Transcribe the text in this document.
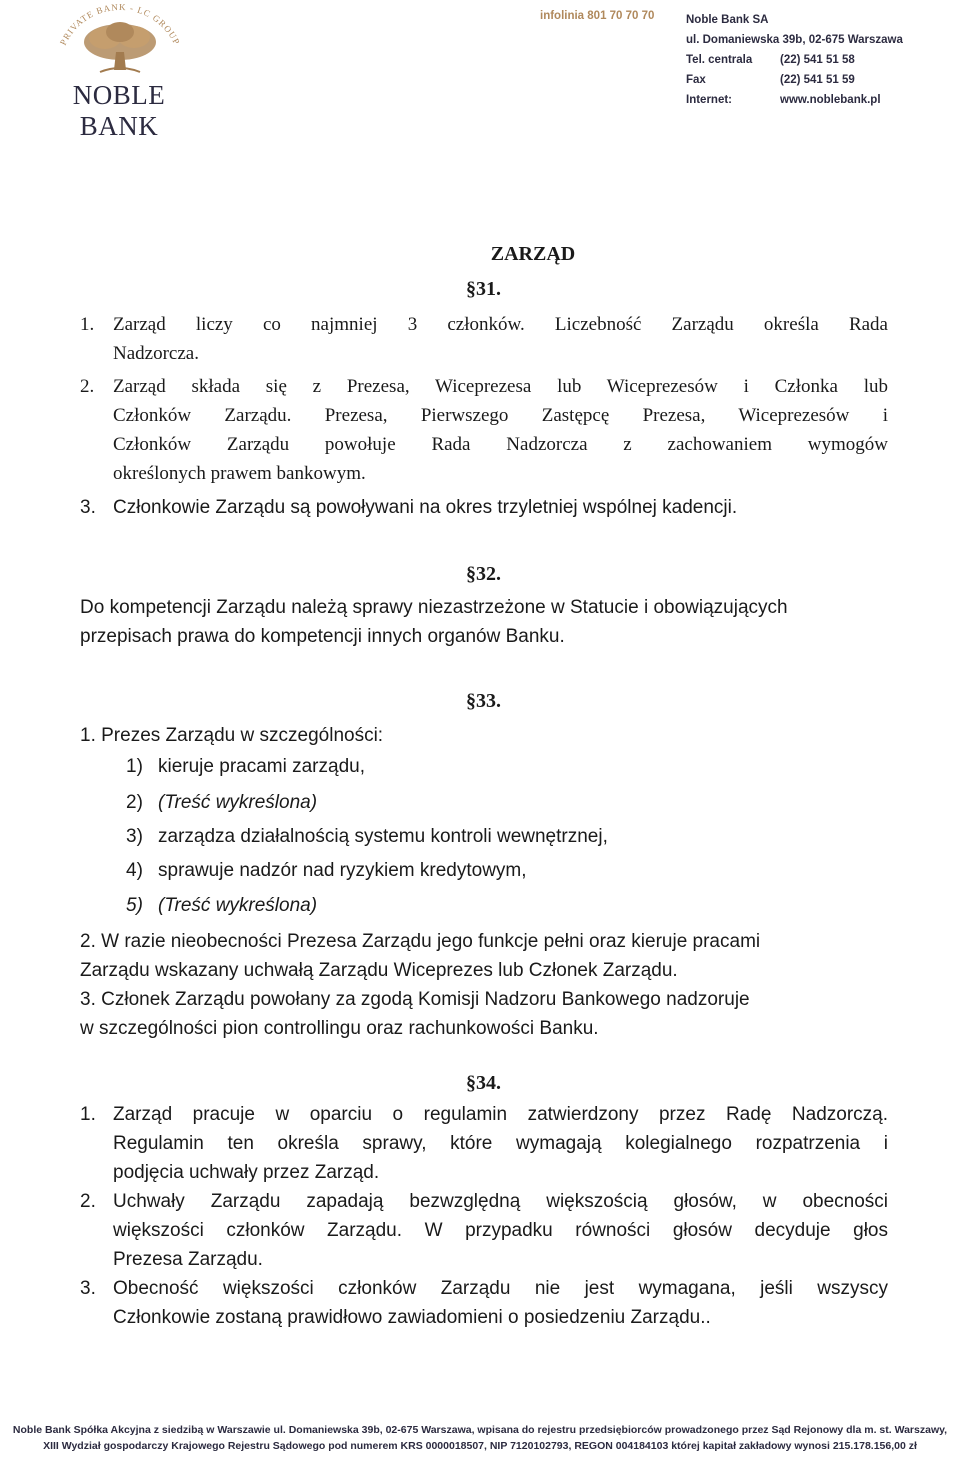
PRIVATE BANK - LC GROUP
NOBLE BANK
infolinia 801 70 70 70	Noble Bank SA
ul. Domaniewska 39b, 02-675 Warszawa
Tel. centrala (22) 541 51 58
Fax	(22) 541 51 59
Internet:	www.noblebank.pl
ZARZĄD
§31.
1. Zarząd liczy co najmniej 3 członków. Liczebność Zarządu określa Rada
Nadzorcza.
2. Zarząd składa się z Prezesa, Wiceprezesa lub Wiceprezesów i Członka lub
Członków Zarządu. Prezesa, Pierwszego Zastępcę Prezesa, Wiceprezesów i
Członków Zarządu powołuje Rada Nadzorcza z zachowaniem wymogów
określonych prawem bankowym.
3. Członkowie Zarządu są powoływani na okres trzyletniej wspólnej kadencji.
§32.
Do kompetencji Zarządu należą sprawy niezastrzeżone w Statucie i obowiązujących
przepisach prawa do kompetencji innych organów Banku.
§33.
1. Prezes Zarządu w szczególności:
1) kieruje pracami zarządu,
2) (Treść wykreślona)
3) zarządza działalnością systemu kontroli wewnętrznej,
4) sprawuje nadzór nad ryzykiem kredytowym,
5) (Treść wykreślona)
2. W razie nieobecności Prezesa Zarządu jego funkcje pełni oraz kieruje pracami
Zarządu wskazany uchwałą Zarządu Wiceprezes lub Członek Zarządu.
3. Członek Zarządu powołany za zgodą Komisji Nadzoru Bankowego nadzoruje
w szczególności pion controllingu oraz rachunkowości Banku.
§34.
1. Zarząd pracuje w oparciu o regulamin zatwierdzony przez Radę Nadzorczą.
Regulamin ten określa sprawy, które wymagają kolegialnego rozpatrzenia i
podjęcia uchwały przez Zarząd.
2. Uchwały Zarządu zapadają bezwzględną większością głosów, w obecności
większości członków Zarządu. W przypadku równości głosów decyduje głos
Prezesa Zarządu.
3. Obecność większości członków Zarządu nie jest wymagana, jeśli wszyscy
Członkowie zostaną prawidłowo zawiadomieni o posiedzeniu Zarządu..
Noble Bank Spółka Akcyjna z siedzibą w Warszawie ul. Domaniewska 39b, 02-675 Warszawa, wpisana do rejestru przedsiębiorców prowadzonego przez Sąd Rejonowy dla m. st. Warszawy,
XIII Wydział gospodarczy Krajowego Rejestru Sądowego pod numerem KRS 0000018507, NIP 7120102793, REGON 004184103 której kapitał zakładowy wynosi 215.178.156,00 zł
